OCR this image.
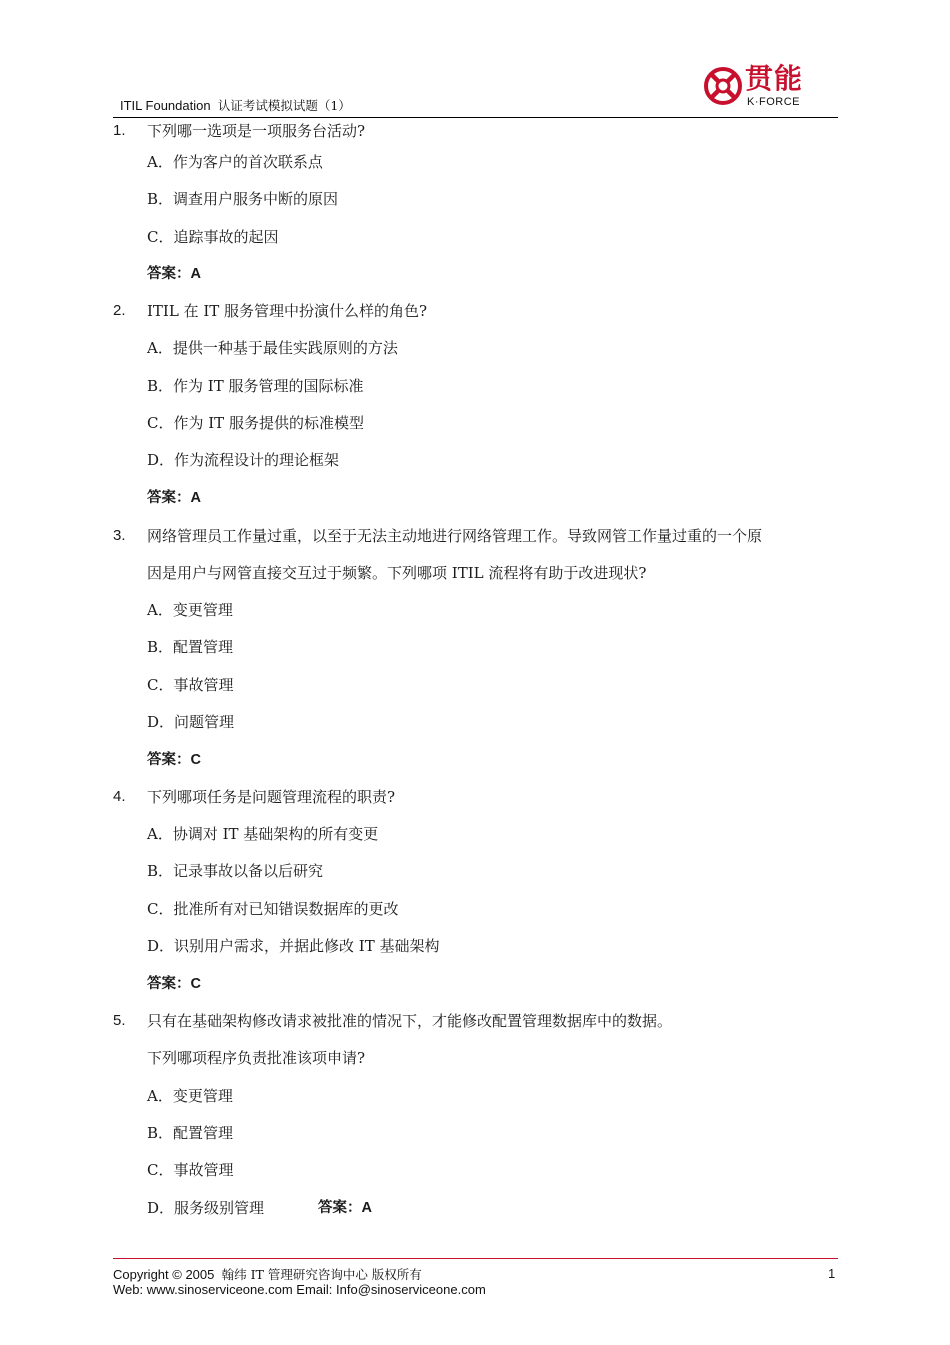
ITIL Foundation 认证考试模拟试题（1）
贯能
K·FORCE
1. 下列哪一选项是一项服务台活动?
A．作为客户的首次联系点
B．调查用户服务中断的原因
C．追踪事故的起因
答案：A
2. ITIL 在 IT 服务管理中扮演什么样的角色?
A．提供一种基于最佳实践原则的方法
B．作为 IT 服务管理的国际标准
C．作为 IT 服务提供的标准模型
D．作为流程设计的理论框架
答案：A
3. 网络管理员工作量过重，以至于无法主动地进行网络管理工作。导致网管工作量过重的一个原
因是用户与网管直接交互过于频繁。下列哪项 ITIL 流程将有助于改进现状?
A．变更管理
B．配置管理
C．事故管理
D．问题管理
答案：C
4. 下列哪项任务是问题管理流程的职责?
A．协调对 IT 基础架构的所有变更
B．记录事故以备以后研究
C．批准所有对已知错误数据库的更改
D．识别用户需求，并据此修改 IT 基础架构
答案：C
5. 只有在基础架构修改请求被批准的情况下，才能修改配置管理数据库中的数据。
下列哪项程序负责批准该项申请?
A．变更管理
B．配置管理
C．事故管理
D．服务级别管理	答案：A
Copyright © 2005 翰纬 IT 管理研究咨询中心 版权所有
Web: www.sinoserviceone.com Email: Info@sinoserviceone.com
1
